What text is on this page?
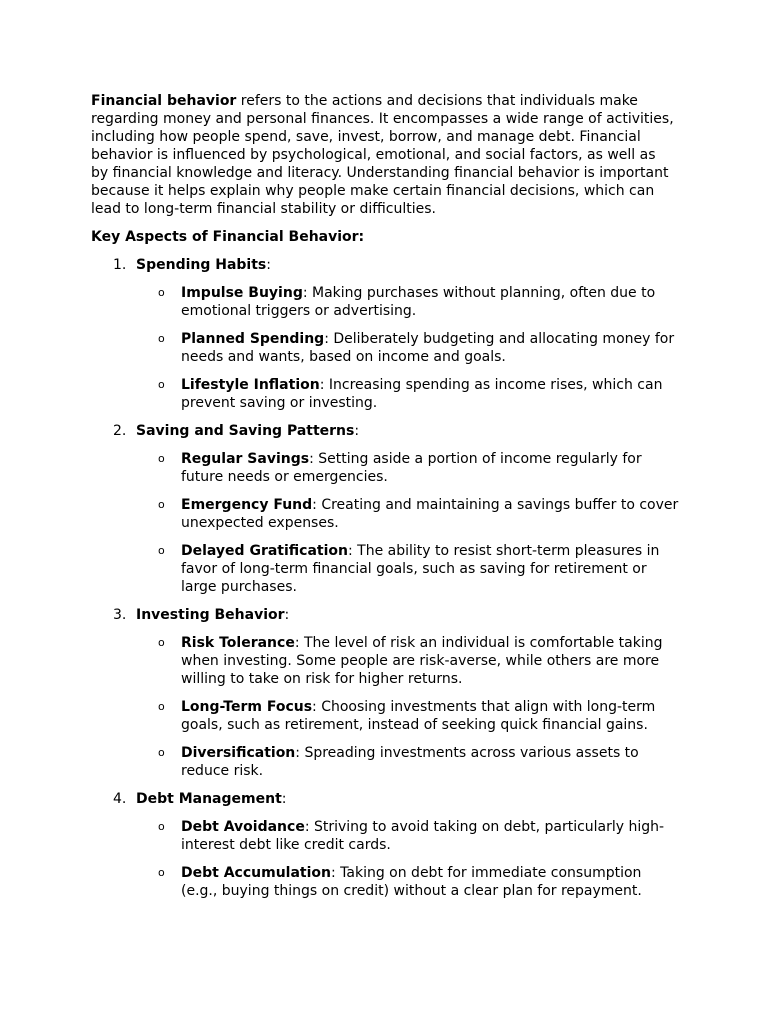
Financial behavior refers to the actions and decisions that individuals make regarding money and personal finances. It encompasses a wide range of activities, including how people spend, save, invest, borrow, and manage debt. Financial behavior is influenced by psychological, emotional, and social factors, as well as by financial knowledge and literacy. Understanding financial behavior is important because it helps explain why people make certain financial decisions, which can lead to long-term financial stability or difficulties.

Key Aspects of Financial Behavior:
1. Spending Habits:
o Impulse Buying: Making purchases without planning, often due to emotional triggers or advertising.
o Planned Spending: Deliberately budgeting and allocating money for needs and wants, based on income and goals.
o Lifestyle Inflation: Increasing spending as income rises, which can prevent saving or investing.
2. Saving and Saving Patterns:
o Regular Savings: Setting aside a portion of income regularly for future needs or emergencies.
o Emergency Fund: Creating and maintaining a savings buffer to cover unexpected expenses.
o Delayed Gratification: The ability to resist short-term pleasures in favor of long-term financial goals, such as saving for retirement or large purchases.
3. Investing Behavior:
o Risk Tolerance: The level of risk an individual is comfortable taking when investing. Some people are risk-averse, while others are more willing to take on risk for higher returns.
o Long-Term Focus: Choosing investments that align with long-term goals, such as retirement, instead of seeking quick financial gains.
o Diversification: Spreading investments across various assets to reduce risk.
4. Debt Management:
o Debt Avoidance: Striving to avoid taking on debt, particularly high-interest debt like credit cards.
o Debt Accumulation: Taking on debt for immediate consumption (e.g., buying things on credit) without a clear plan for repayment.
